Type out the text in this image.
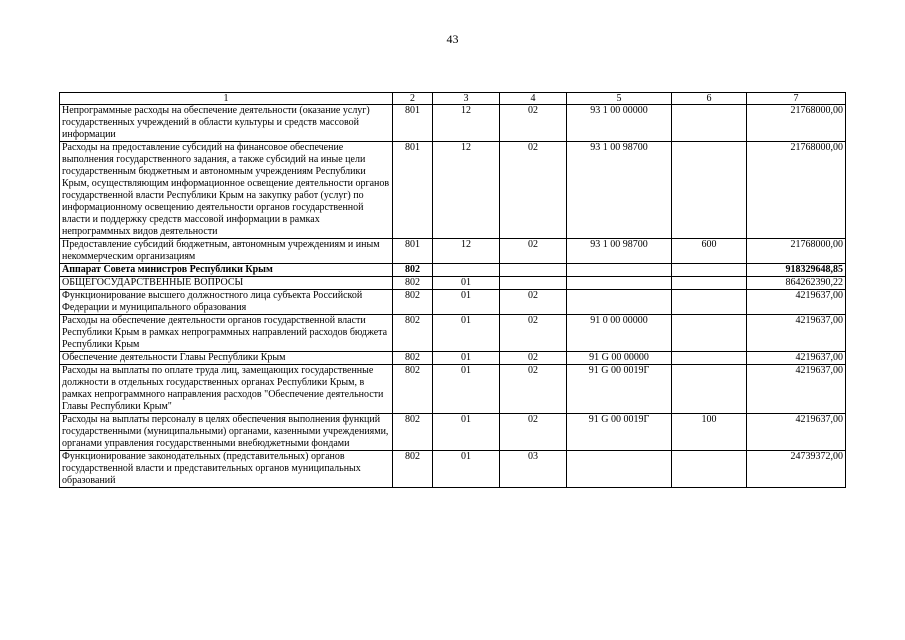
43
1	2	3	4	5	6	7
Непрограммные расходы на обеспечение деятельности (оказание услуг) государственных учреждений в области культуры и средств массовой информации	801	12	02	93 1 00 00000		21768000,00
Расходы на предоставление субсидий на финансовое обеспечение выполнения государственного задания, а также субсидий на иные цели государственным бюджетным и автономным учреждениям Республики Крым, осуществляющим информационное освещение деятельности органов государственной власти Республики Крым на закупку работ (услуг) по информационному освещению деятельности органов государственной власти и поддержку средств массовой информации в рамках непрограммных видов деятельности	801	12	02	93 1 00 98700		21768000,00
Предоставление субсидий бюджетным, автономным учреждениям и иным некоммерческим организациям	801	12	02	93 1 00 98700	600	21768000,00
Аппарат Совета министров Республики Крым	802					918329648,85
ОБЩЕГОСУДАРСТВЕННЫЕ ВОПРОСЫ	802	01				864262390,22
Функционирование высшего должностного лица субъекта Российской Федерации и муниципального образования	802	01	02			4219637,00
Расходы на обеспечение деятельности органов государственной власти Республики Крым в рамках непрограммных направлений расходов бюджета Республики Крым	802	01	02	91 0 00 00000		4219637,00
Обеспечение деятельности Главы Республики Крым	802	01	02	91 G 00 00000		4219637,00
Расходы на выплаты по оплате труда лиц, замещающих государственные должности в отдельных государственных органах Республики Крым, в рамках непрограммного направления расходов "Обеспечение деятельности Главы Республики Крым"	802	01	02	91 G 00 0019Г		4219637,00
Расходы на выплаты персоналу в целях обеспечения выполнения функций государственными (муниципальными) органами, казенными учреждениями, органами управления государственными внебюджетными фондами	802	01	02	91 G 00 0019Г	100	4219637,00
Функционирование законодательных (представительных) органов государственной власти и представительных органов муниципальных образований	802	01	03			24739372,00
